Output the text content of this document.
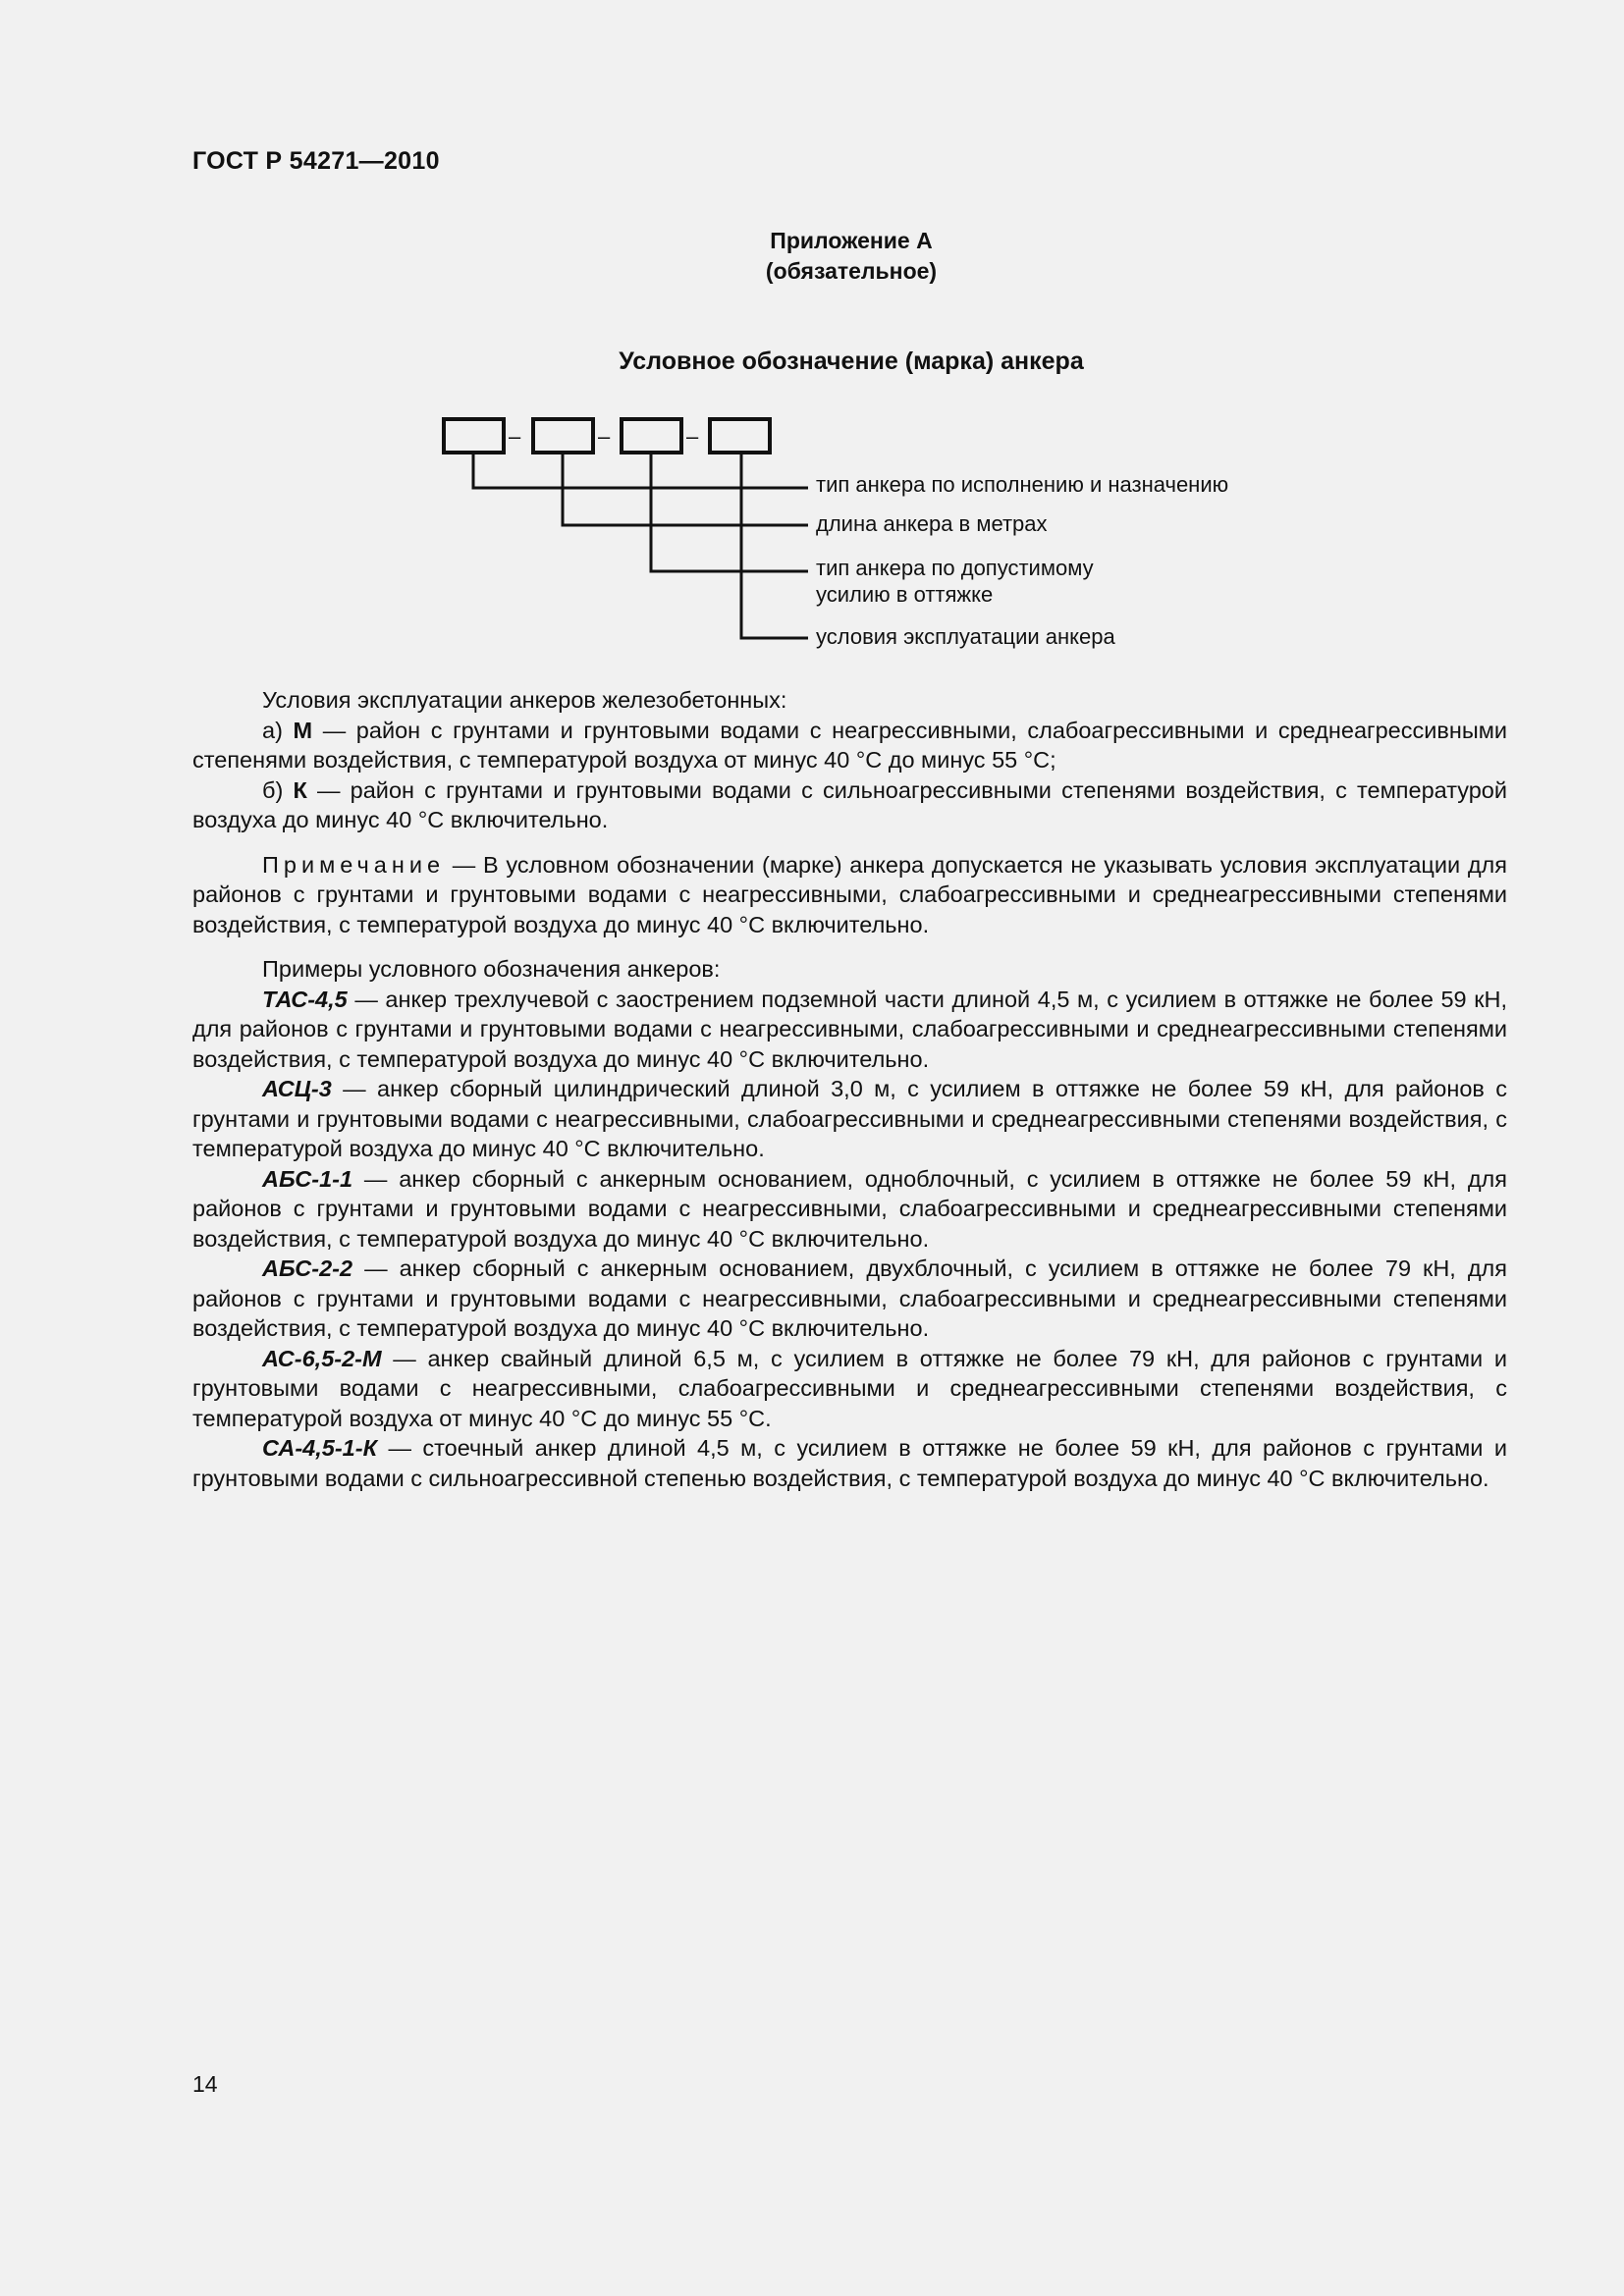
ГОСТ Р 54271—2010
Приложение А
(обязательное)
Условное обозначение (марка) анкера
–	–	–
тип анкера по исполнению и назначению
длина анкера в метрах
тип анкера по допустимому
усилию в оттяжке
условия эксплуатации анкера

Условия эксплуатации анкеров железобетонных:

а) М — район с грунтами и грунтовыми водами с неагрессивными, слабоагрессивными и среднеагрессивными степенями воздействия, с температурой воздуха от минус 40 °С до минус 55 °С;

б) К — район с грунтами и грунтовыми водами с сильноагрессивными степенями воздействия, с температурой воздуха до минус 40 °С включительно.

Примечание — В условном обозначении (марке) анкера допускается не указывать условия эксплуатации для районов с грунтами и грунтовыми водами с неагрессивными, слабоагрессивными и среднеагрессивными степенями воздействия, с температурой воздуха до минус 40 °С включительно.

Примеры условного обозначения анкеров:

ТАС-4,5 — анкер трехлучевой с заострением подземной части длиной 4,5 м, с усилием в оттяжке не более 59 кН, для районов с грунтами и грунтовыми водами с неагрессивными, слабоагрессивными и среднеагрессивными степенями воздействия, с температурой воздуха до минус 40 °С включительно.

АСЦ-3 — анкер сборный цилиндрический длиной 3,0 м, с усилием в оттяжке не более 59 кН, для районов с грунтами и грунтовыми водами с неагрессивными, слабоагрессивными и среднеагрессивными степенями воздействия, с температурой воздуха до минус 40 °С включительно.

АБС-1-1 — анкер сборный с анкерным основанием, одноблочный, с усилием в оттяжке не более 59 кН, для районов с грунтами и грунтовыми водами с неагрессивными, слабоагрессивными и среднеагрессивными степенями воздействия, с температурой воздуха до минус 40 °С включительно.

АБС-2-2 — анкер сборный с анкерным основанием, двухблочный, с усилием в оттяжке не более 79 кН, для районов с грунтами и грунтовыми водами с неагрессивными, слабоагрессивными и среднеагрессивными степенями воздействия, с температурой воздуха до минус 40 °С включительно.

АС-6,5-2-М — анкер свайный длиной 6,5 м, с усилием в оттяжке не более 79 кН, для районов с грунтами и грунтовыми водами с неагрессивными, слабоагрессивными и среднеагрессивными степенями воздействия, с температурой воздуха от минус 40 °С до минус 55 °С.

СА-4,5-1-К — стоечный анкер длиной 4,5 м, с усилием в оттяжке не более 59 кН, для районов с грунтами и грунтовыми водами с сильноагрессивной степенью воздействия, с температурой воздуха до минус 40 °С включительно.

14
